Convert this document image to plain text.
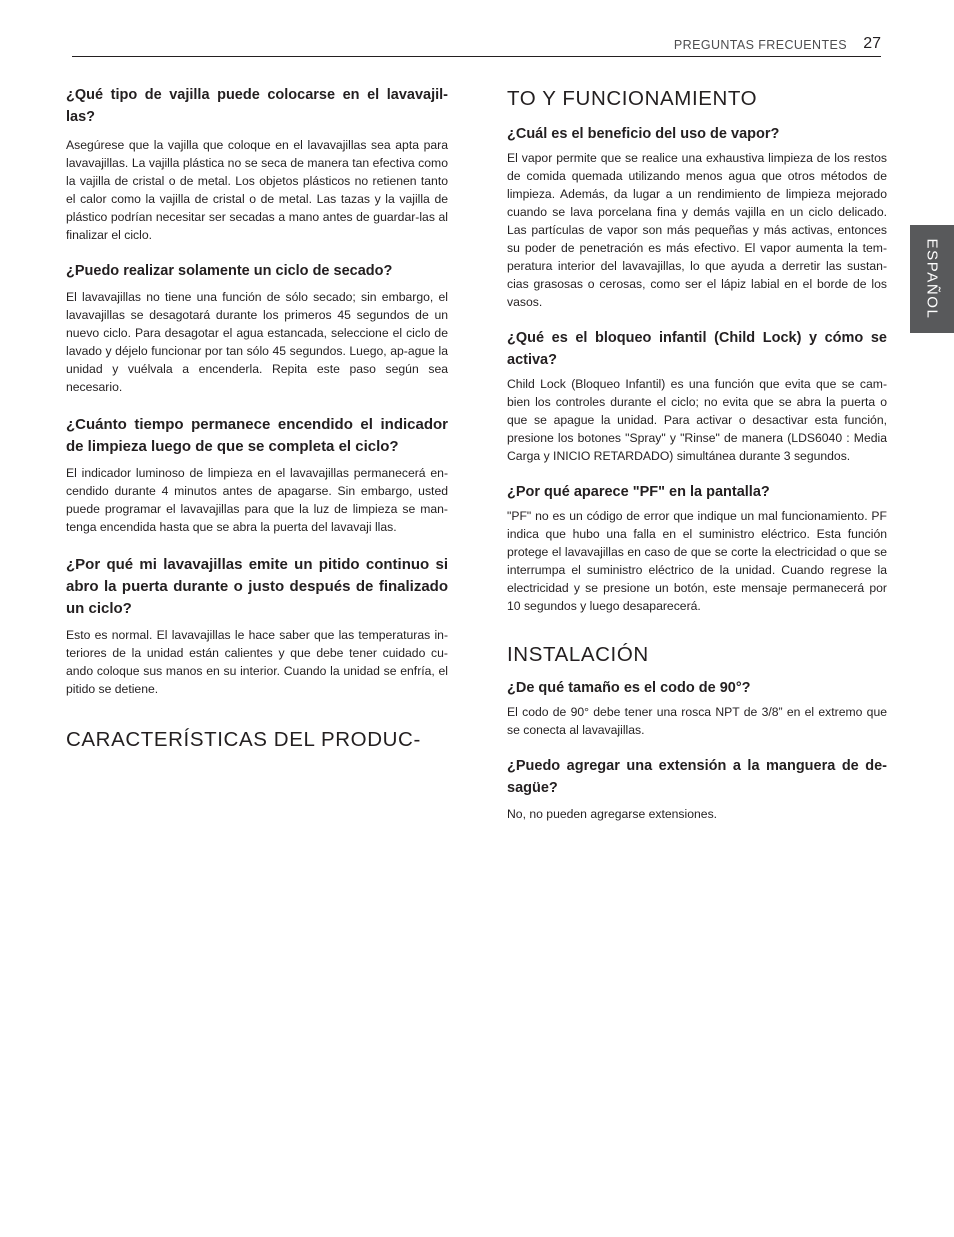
PREGUNTAS FRECUENTES 27
ESPAÑOL
¿Qué tipo de vajilla puede colocarse en el lavavajil-las?

Asegúrese que la vajilla que coloque en el lavavajillas sea apta para lavavajillas. La vajilla plástica no se seca de manera tan efectiva como la vajilla de cristal o de metal. Los objetos plásticos no retienen tanto el calor como la vajilla de cristal o de metal. Las tazas y la vajilla de plástico podrían necesitar ser secadas a mano antes de guardar-las al finalizar el ciclo.

¿Puedo realizar solamente un ciclo de secado?

El lavavajillas no tiene una función de sólo secado; sin embargo, el lavavajillas se desagotará durante los primeros 45 segundos de un nuevo ciclo. Para desagotar el agua estancada, seleccione el ciclo de lavado y déjelo funcionar por tan sólo 45 segundos. Luego, ap-ague la unidad y vuélvala a encenderla. Repita este paso según sea necesario.

¿Cuánto tiempo permanece encendido el indicador de limpieza luego de que se completa el ciclo?

El indicador luminoso de limpieza en el lavavajillas permanecerá en-cendido durante 4 minutos antes de apagarse. Sin embargo, usted puede programar el lavavajillas para que la luz de limpieza se man-tenga encendida hasta que se abra la puerta del lavavaji llas.

¿Por qué mi lavavajillas emite un pitido continuo si abro la puerta durante o justo después de finalizado un ciclo?

Esto es normal. El lavavajillas le hace saber que las temperaturas in-teriores de la unidad están calientes y que debe tener cuidado cu-ando coloque sus manos en su interior. Cuando la unidad se enfría, el pitido se detiene.

CARACTERÍSTICAS DEL PRODUC-
TO Y FUNCIONAMIENTO
¿Cuál es el beneficio del uso de vapor?

El vapor permite que se realice una exhaustiva limpieza de los restos de comida quemada utilizando menos agua que otros métodos de limpieza. Además, da lugar a un rendimiento de limpieza mejorado cuando se lava porcelana fina y demás vajilla en un ciclo delicado. Las partículas de vapor son más pequeñas y más activas, entonces su poder de penetración es más efectivo. El vapor aumenta la tem-peratura interior del lavavajillas, lo que ayuda a derretir las sustan-cias grasosas o cerosas, como ser el lápiz labial en el borde de los vasos.

¿Qué es el bloqueo infantil (Child Lock) y cómo se activa?

Child Lock (Bloqueo Infantil) es una función que evita que se cam-bien los controles durante el ciclo; no evita que se abra la puerta o que se apague la unidad. Para activar o desactivar esta función, presione los botones "Spray" y "Rinse" de manera (LDS6040 : Media Carga y INICIO RETARDADO) simultánea durante 3 segundos.

¿Por qué aparece "PF" en la pantalla?

"PF" no es un código de error que indique un mal funcionamiento. PF indica que hubo una falla en el suministro eléctrico. Esta función protege el lavavajillas en caso de que se corte la electricidad o que se interrumpa el suministro eléctrico de la unidad. Cuando regrese la electricidad y se presione un botón, este mensaje permanecerá por 10 segundos y luego desaparecerá.

INSTALACIÓN
¿De qué tamaño es el codo de 90°?

El codo de 90° debe tener una rosca NPT de 3/8” en el extremo que se conecta al lavavajillas.

¿Puedo agregar una extensión a la manguera de de-sagüe?

No, no pueden agregarse extensiones.
